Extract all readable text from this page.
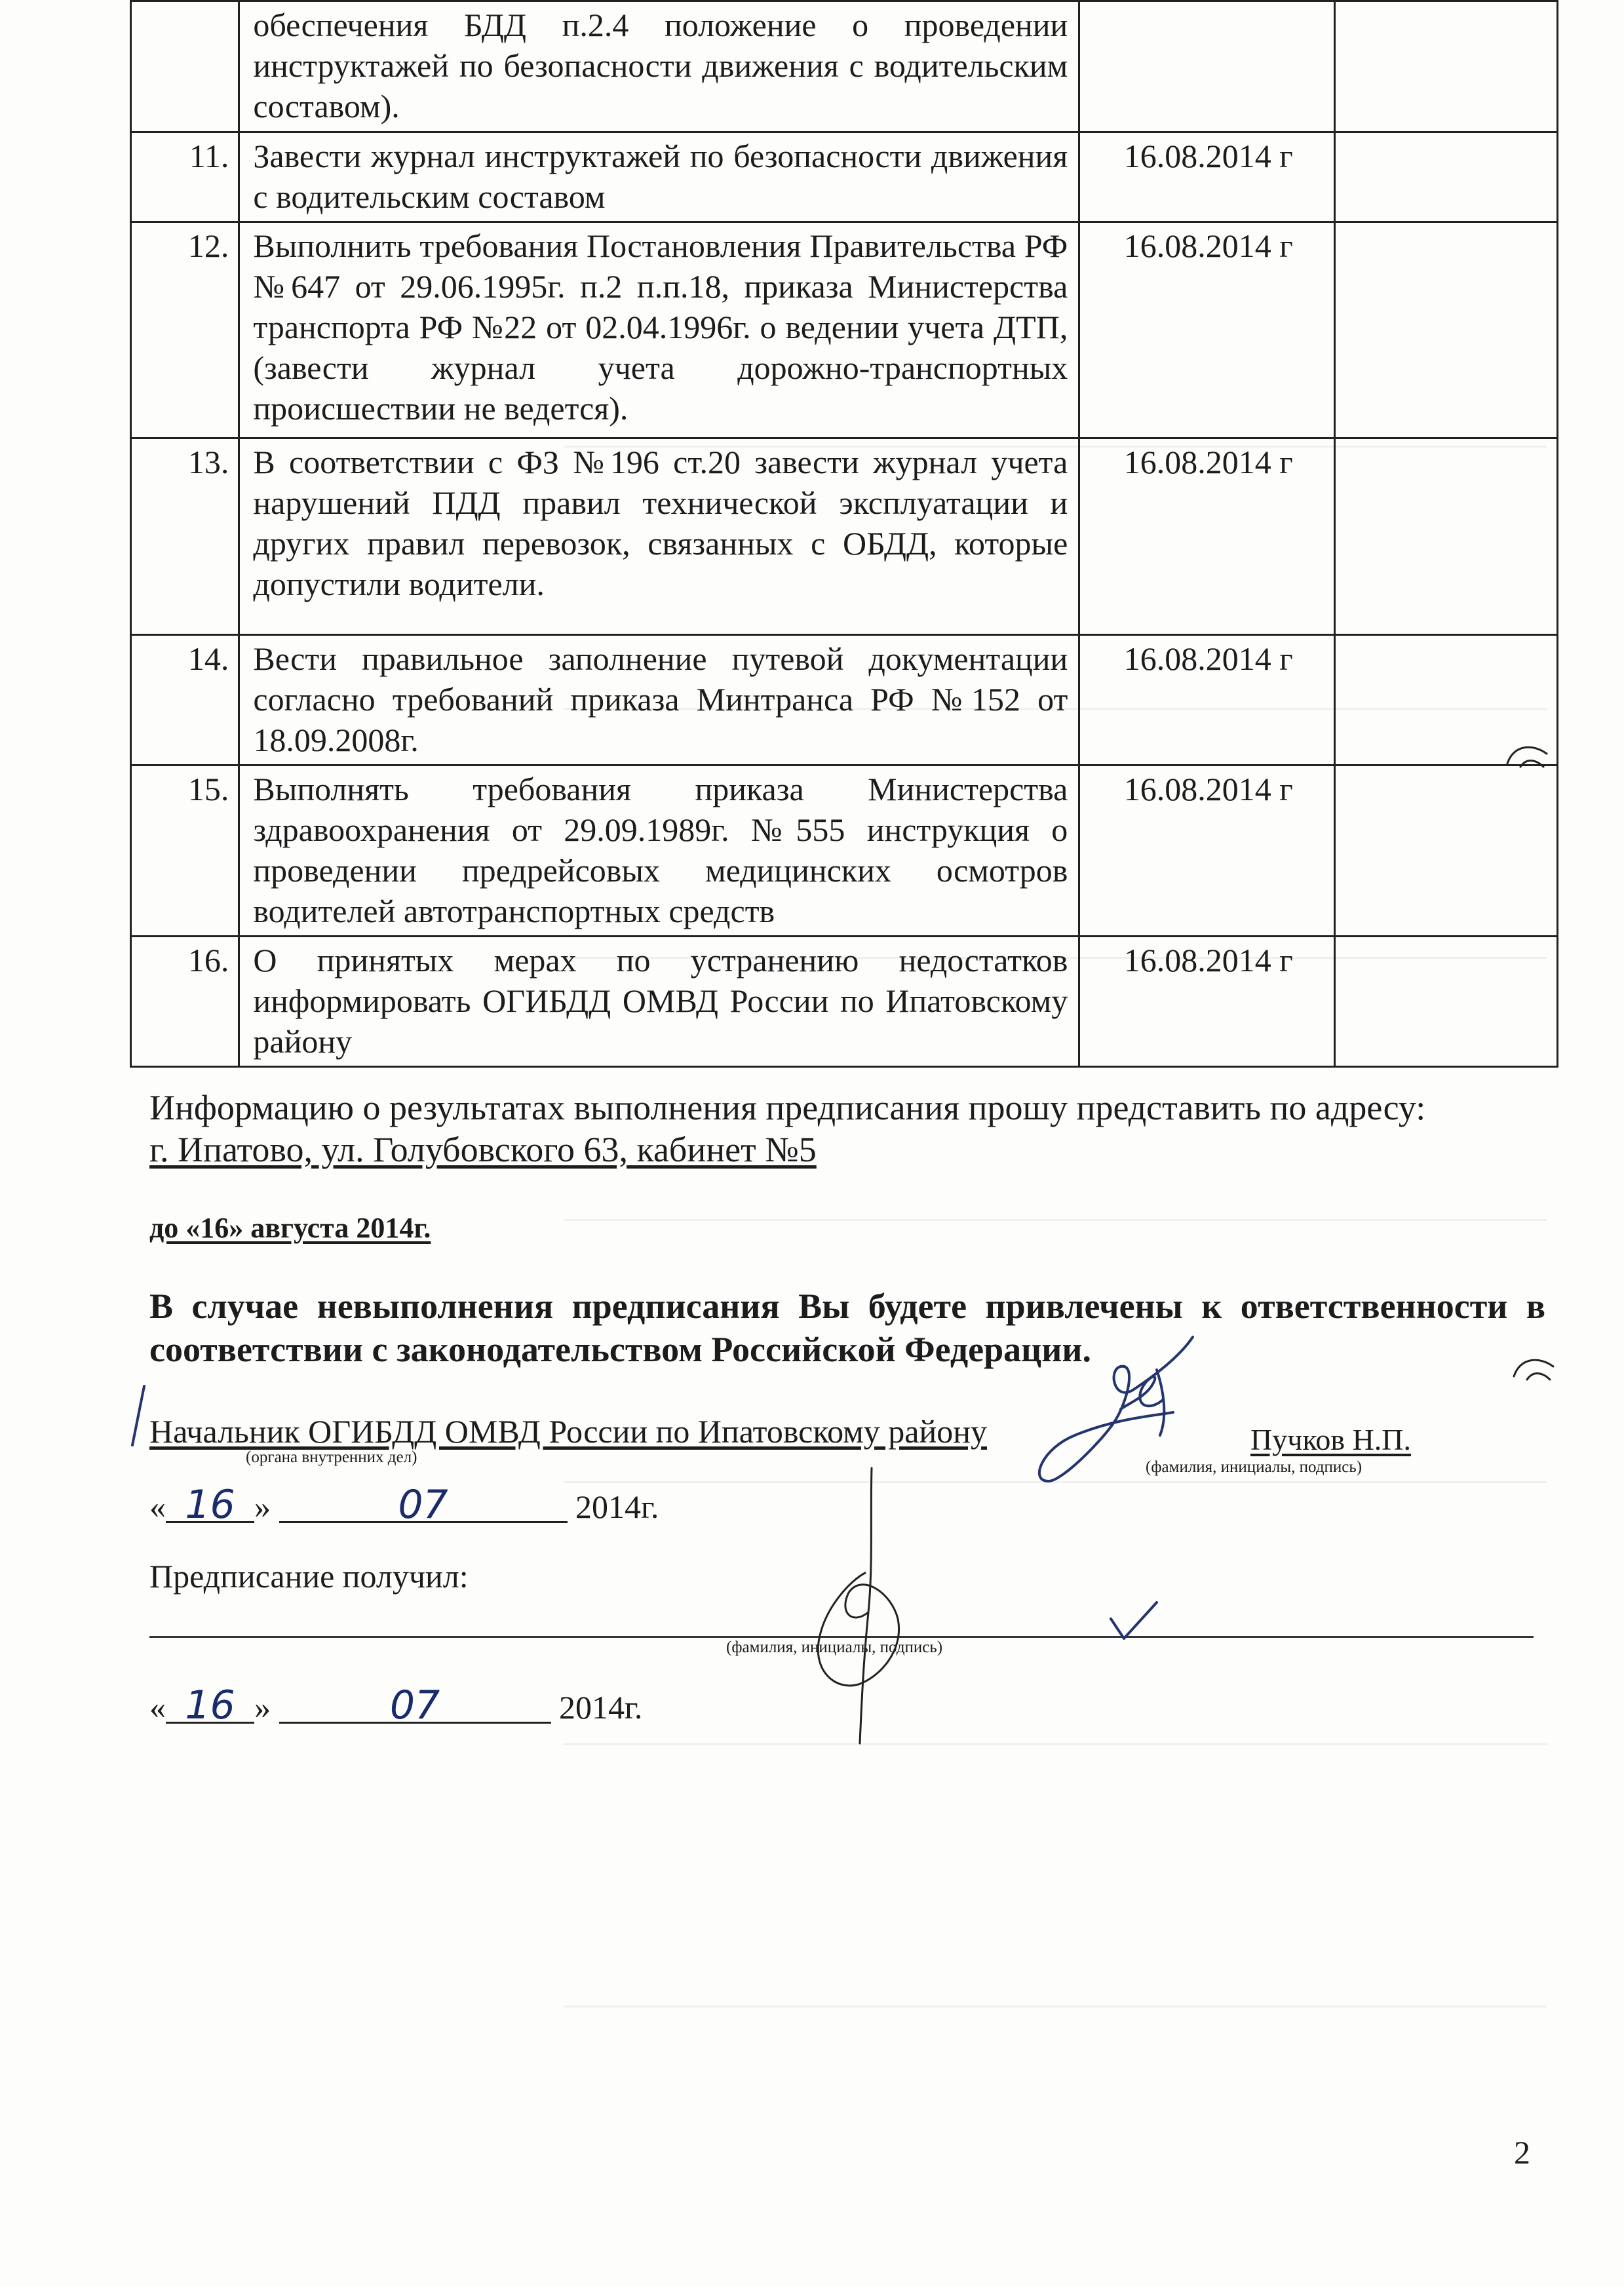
	обеспечения БДД п.2.4 положение о проведении инструктажей по безопасности движения с водительским составом).		
11.	Завести журнал инструктажей по безопасности движения с водительским составом	16.08.2014 г	
12.	Выполнить требования Постановления Правительства РФ №647 от 29.06.1995г. п.2 п.п.18, приказа Министерства транспорта РФ №22 от 02.04.1996г. о ведении учета ДТП, (завести журнал учета дорожно-транспортных происшествии не ведется).	16.08.2014 г	
13.	В соответствии с ФЗ №196 ст.20 завести журнал учета нарушений ПДД правил технической эксплуатации и других правил перевозок, связанных с ОБДД, которые допустили водители.	16.08.2014 г	
14.	Вести правильное заполнение путевой документации согласно требований приказа Минтранса РФ №152 от 18.09.2008г.	16.08.2014 г	
15.	Выполнять требования приказа Министерства здравоохранения от 29.09.1989г. №555 инструкция о проведении предрейсовых медицинских осмотров водителей автотранспортных средств	16.08.2014 г	
16.	О принятых мерах по устранению недостатков информировать ОГИБДД ОМВД России по Ипатовскому району	16.08.2014 г	
Информацию о результатах выполнения предписания прошу представить по адресу:
г. Ипатово, ул. Голубовского 63, кабинет №5
до «16» августа 2014г.
В случае невыполнения предписания Вы будете привлечены к ответственности в соответствии с законодательством Российской Федерации.
Начальник ОГИБДД ОМВД России по Ипатовскому району
(органа внутренних дел)
Пучков Н.П.
(фамилия, инициалы, подпись)
« 16 »	07	2014г.
Предписание получил:
(фамилия, инициалы, подпись)
« 16 »	07	2014г.
2
